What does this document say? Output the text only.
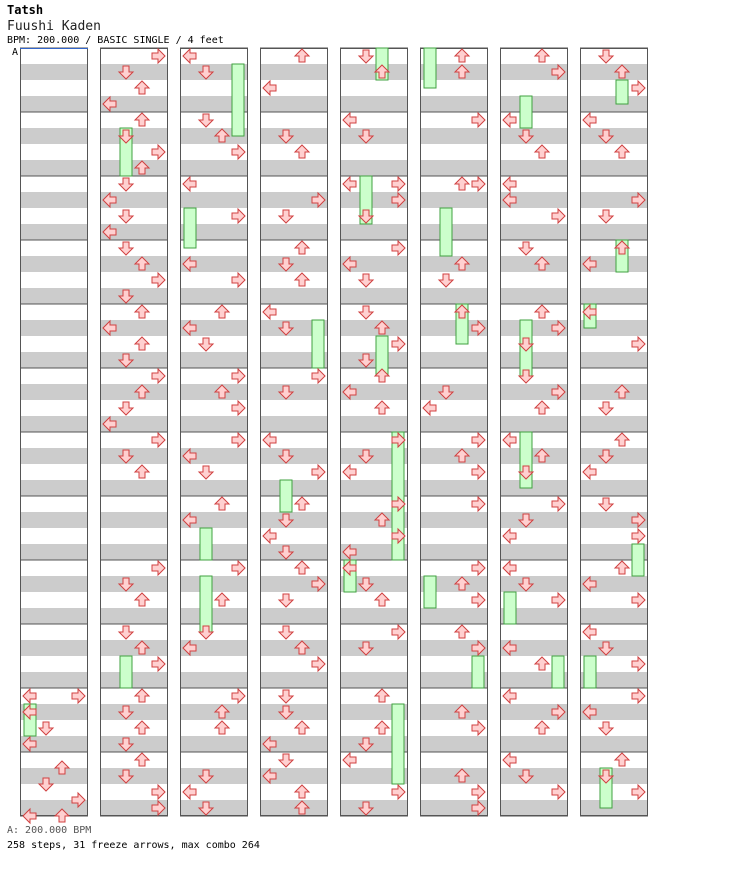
Tatsh
Fuushi Kaden
BPM: 200.000 / BASIC SINGLE / 4 feet
A
A: 200.000 BPM
258 steps, 31 freeze arrows, max combo 264
